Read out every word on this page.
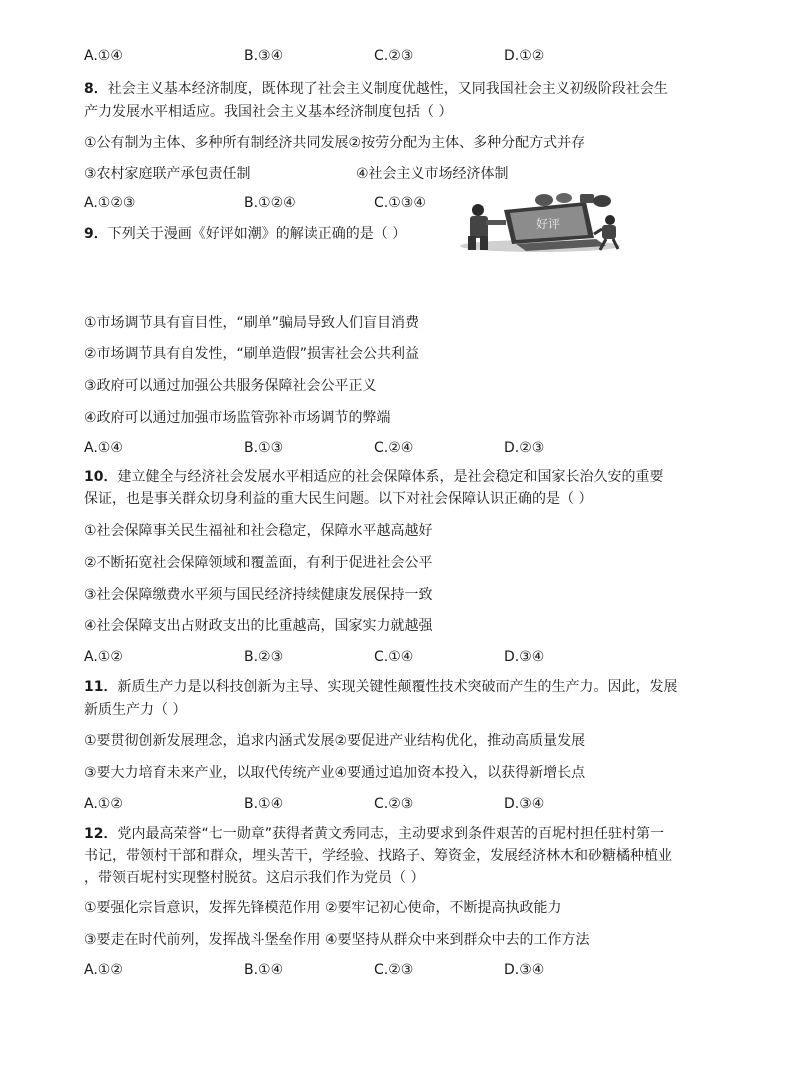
A.①④	B.③④	C.②③	D.①②
8．社会主义基本经济制度，既体现了社会主义制度优越性，又同我国社会主义初级阶段社会生
产力发展水平相适应。我国社会主义基本经济制度包括（ ）
①公有制为主体、多种所有制经济共同发展②按劳分配为主体、多种分配方式并存
③农村家庭联产承包责任制	④社会主义市场经济体制
A.①②③	B.①②④	C.①③④
好评
9．下列关于漫画《好评如潮》的解读正确的是（ ）
①市场调节具有盲目性，“刷单”骗局导致人们盲目消费
②市场调节具有自发性，“刷单造假”损害社会公共利益
③政府可以通过加强公共服务保障社会公平正义
④政府可以通过加强市场监管弥补市场调节的弊端
A.①④	B.①③	C.②④	D.②③
10．建立健全与经济社会发展水平相适应的社会保障体系，是社会稳定和国家长治久安的重要
保证，也是事关群众切身利益的重大民生问题。以下对社会保障认识正确的是（ ）
①社会保障事关民生福祉和社会稳定，保障水平越高越好
②不断拓宽社会保障领域和覆盖面，有利于促进社会公平
③社会保障缴费水平须与国民经济持续健康发展保持一致
④社会保障支出占财政支出的比重越高，国家实力就越强
A.①②	B.②③	C.①④	D.③④
11．新质生产力是以科技创新为主导、实现关键性颠覆性技术突破而产生的生产力。因此，发展
新质生产力（ ）
①要贯彻创新发展理念，追求内涵式发展②要促进产业结构优化，推动高质量发展
③要大力培育未来产业，以取代传统产业④要通过追加资本投入，以获得新增长点
A.①②	B.①④	C.②③	D.③④
12．党内最高荣誉“七一勋章”获得者黄文秀同志，主动要求到条件艰苦的百坭村担任驻村第一
书记，带领村干部和群众，埋头苦干，学经验、找路子、筹资金，发展经济林木和砂糖橘种植业
，带领百坭村实现整村脱贫。这启示我们作为党员（ ）
①要强化宗旨意识，发挥先锋模范作用 ②要牢记初心使命，不断提高执政能力
③要走在时代前列，发挥战斗堡垒作用 ④要坚持从群众中来到群众中去的工作方法
A.①②	B.①④	C.②③	D.③④
